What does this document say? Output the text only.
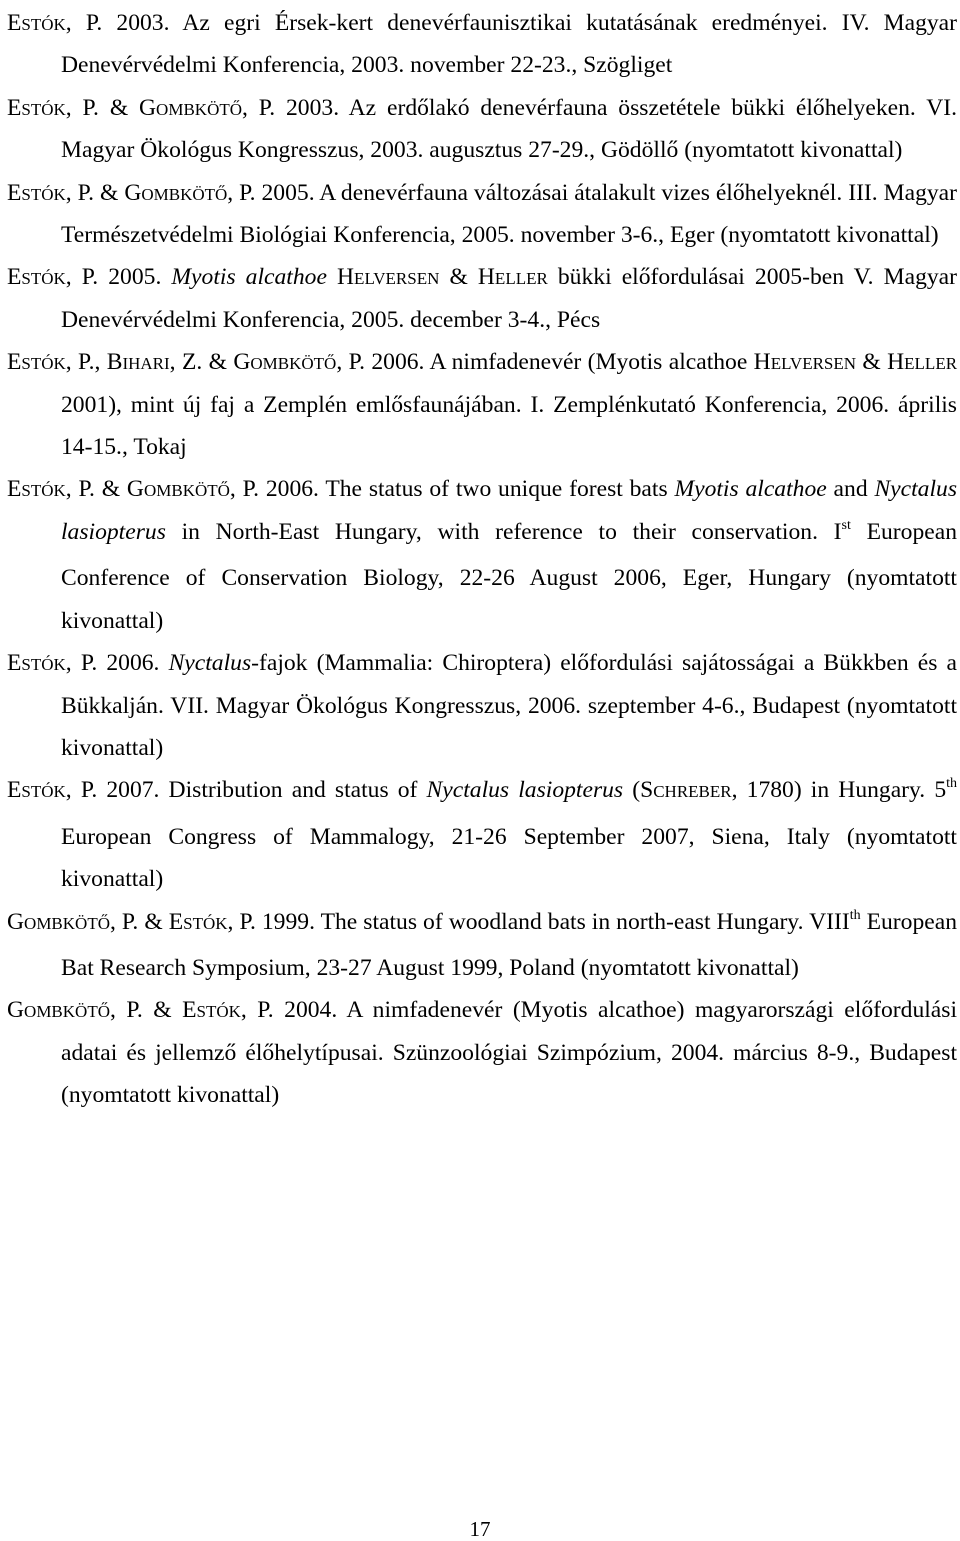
Estók, P. 2003. Az egri Érsek-kert denevérfaunisztikai kutatásának eredményei. IV. Magyar Denevérvédelmi Konferencia, 2003. november 22-23., Szögliget

Estók, P. & Gombkötő, P. 2003. Az erdőlakó denevérfauna összetétele bükki élőhelyeken. VI. Magyar Ökológus Kongresszus, 2003. augusztus 27-29., Gödöllő (nyomtatott kivonattal)

Estók, P. & Gombkötő, P. 2005. A denevérfauna változásai átalakult vizes élőhelyeknél. III. Magyar Természetvédelmi Biológiai Konferencia, 2005. november 3-6., Eger (nyomtatott kivonattal)

Estók, P. 2005. Myotis alcathoe Helversen & Heller bükki előfordulásai 2005-ben V. Magyar Denevérvédelmi Konferencia, 2005. december 3-4., Pécs

Estók, P., Bihari, Z. & Gombkötő, P. 2006. A nimfadenevér (Myotis alcathoe Helversen & Heller 2001), mint új faj a Zemplén emlősfaunájában. I. Zemplénkutató Konferencia, 2006. április 14-15., Tokaj

Estók, P. & Gombkötő, P. 2006. The status of two unique forest bats Myotis alcathoe and Nyctalus lasiopterus in North-East Hungary, with reference to their conservation. Ist European Conference of Conservation Biology, 22-26 August 2006, Eger, Hungary (nyomtatott kivonattal)

Estók, P. 2006. Nyctalus-fajok (Mammalia: Chiroptera) előfordulási sajátosságai a Bükkben és a Bükkalján. VII. Magyar Ökológus Kongresszus, 2006. szeptember 4-6., Budapest (nyomtatott kivonattal)

Estók, P. 2007. Distribution and status of Nyctalus lasiopterus (Schreber, 1780) in Hungary. 5th European Congress of Mammalogy, 21-26 September 2007, Siena, Italy (nyomtatott kivonattal)

Gombkötő, P. & Estók, P. 1999. The status of woodland bats in north-east Hungary. VIIIth European Bat Research Symposium, 23-27 August 1999, Poland (nyomtatott kivonattal)

Gombkötő, P. & Estók, P. 2004. A nimfadenevér (Myotis alcathoe) magyarországi előfordulási adatai és jellemző élőhelytípusai. Szünzoológiai Szimpózium, 2004. március 8-9., Budapest (nyomtatott kivonattal)

17
